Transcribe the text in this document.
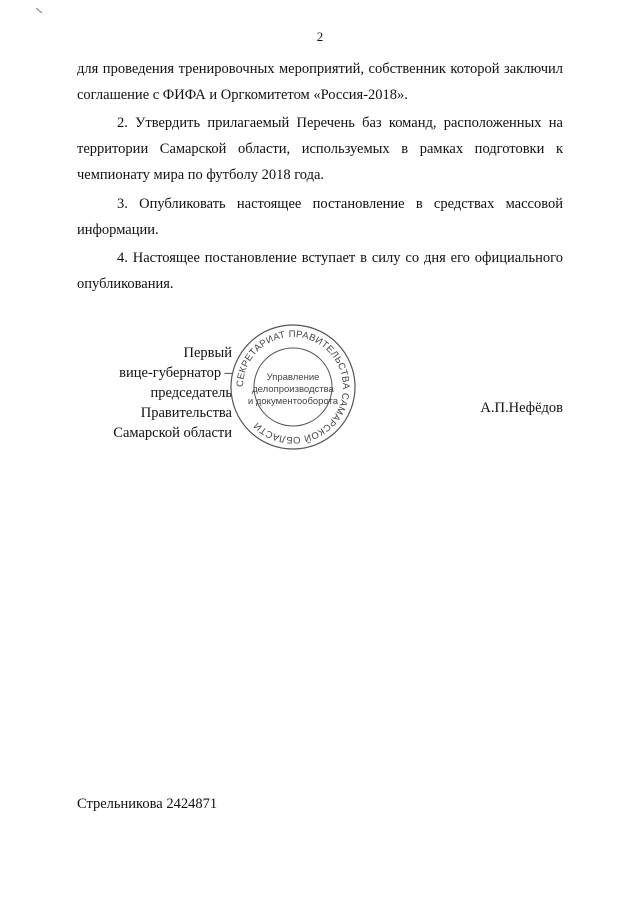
2

для проведения тренировочных мероприятий, собственник которой заключил соглашение с ФИФА и Оргкомитетом «Россия-2018».

2. Утвердить прилагаемый Перечень баз команд, расположенных на территории Самарской области, используемых в рамках подготовки к чемпионату мира по футболу 2018 года.

3. Опубликовать настоящее постановление в средствах массовой информации.

4. Настоящее постановление вступает в силу со дня его официального опубликования.

Первый
вице-губернатор –
председатель Правительства
Самарской области
СЕКРЕТАРИАТ ПРАВИТЕЛЬСТВА САМАРСКОЙ ОБЛАСТИ
Управление
делопроизводства
и документооборота	А.П.Нефёдов
Стрельникова 2424871
